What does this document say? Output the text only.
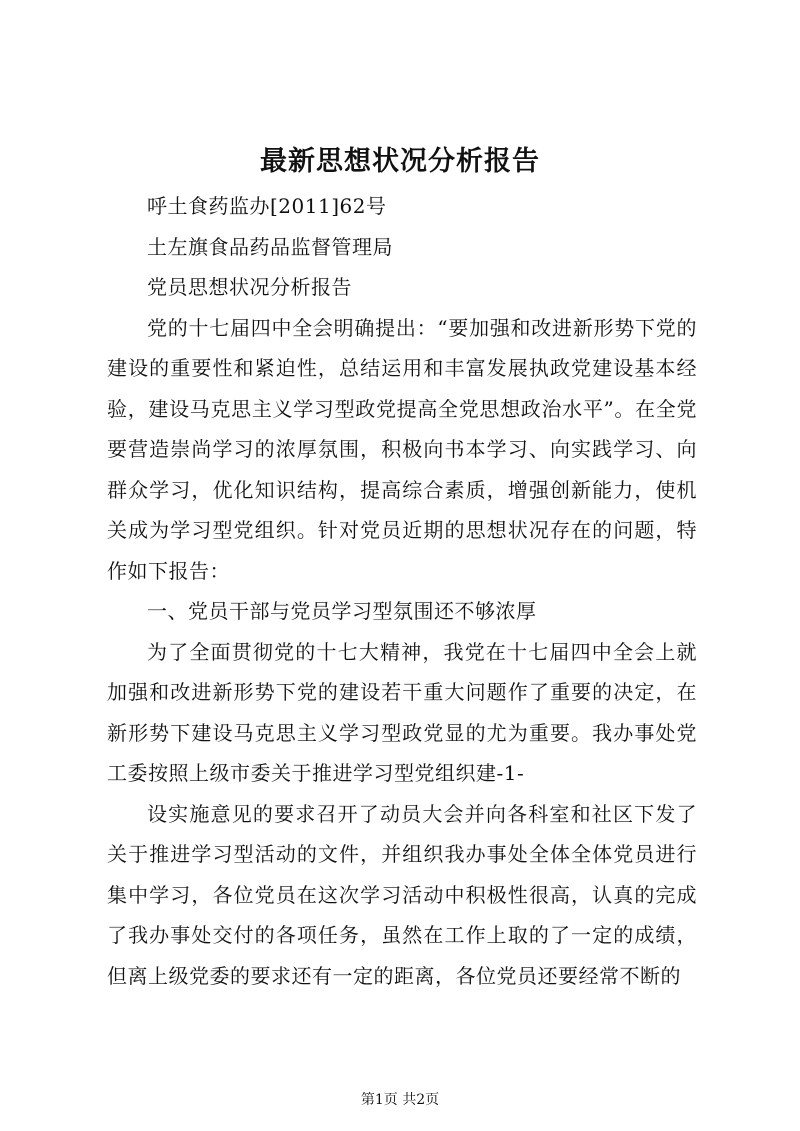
最新思想状况分析报告

呼土食药监办[2011]62号

土左旗食品药品监督管理局

党员思想状况分析报告

党的十七届四中全会明确提出：“要加强和改进新形势下党的建设的重要性和紧迫性，总结运用和丰富发展执政党建设基本经验，建设马克思主义学习型政党提高全党思想政治水平”。在全党要营造崇尚学习的浓厚氛围，积极向书本学习、向实践学习、向群众学习，优化知识结构，提高综合素质，增强创新能力，使机关成为学习型党组织。针对党员近期的思想状况存在的问题，特作如下报告：

一、党员干部与党员学习型氛围还不够浓厚

为了全面贯彻党的十七大精神，我党在十七届四中全会上就加强和改进新形势下党的建设若干重大问题作了重要的决定，在新形势下建设马克思主义学习型政党显的尤为重要。我办事处党工委按照上级市委关于推进学习型党组织建-1-

设实施意见的要求召开了动员大会并向各科室和社区下发了关于推进学习型活动的文件，并组织我办事处全体全体党员进行集中学习，各位党员在这次学习活动中积极性很高，认真的完成了我办事处交付的各项任务，虽然在工作上取的了一定的成绩，但离上级党委的要求还有一定的距离，各位党员还要经常不断的

第1页 共2页
